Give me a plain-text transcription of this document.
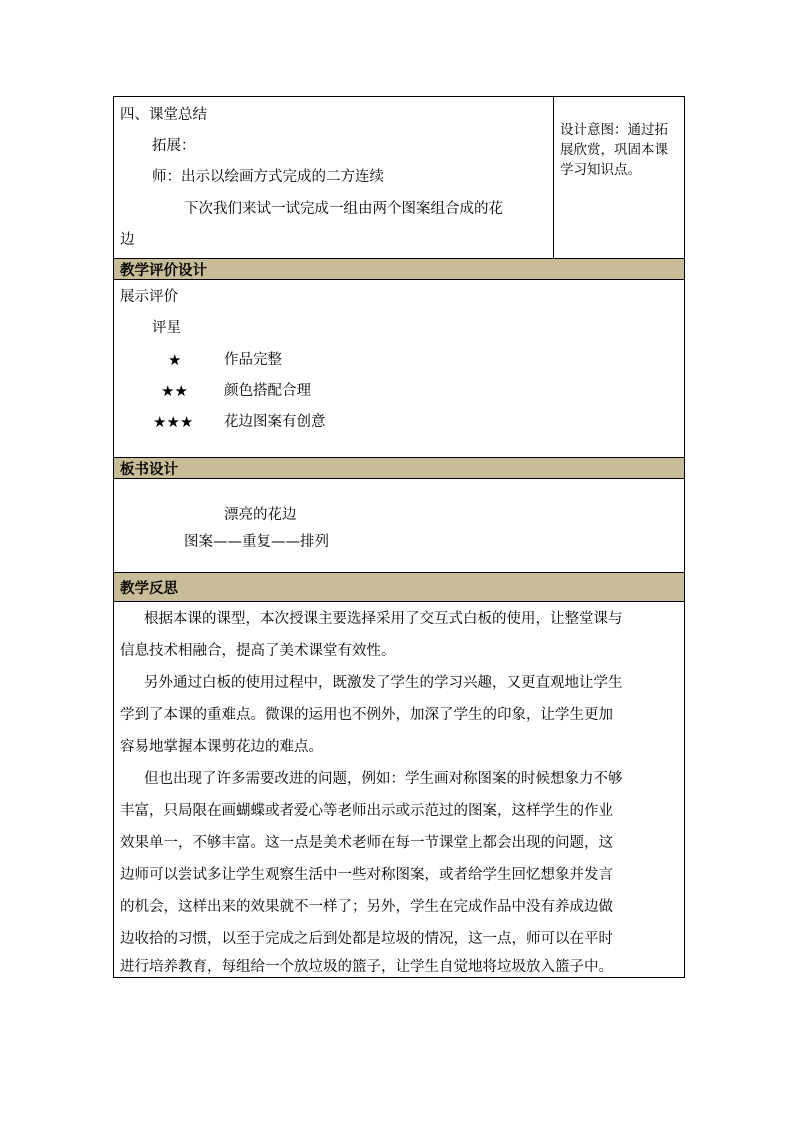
四、课堂总结
拓展：
师：出示以绘画方式完成的二方连续
下次我们来试一试完成一组由两个图案组合成的花
边
设计意图：通过拓
展欣赏，巩固本课
学习知识点。
教学评价设计
展示评价
评星
★	作品完整
★★ 颜色搭配合理
★★★ 花边图案有创意
板书设计
漂亮的花边
图案——重复——排列
教学反思
根据本课的课型，本次授课主要选择采用了交互式白板的使用，让整堂课与
信息技术相融合，提高了美术课堂有效性。
另外通过白板的使用过程中，既激发了学生的学习兴趣，又更直观地让学生
学到了本课的重难点。微课的运用也不例外，加深了学生的印象，让学生更加
容易地掌握本课剪花边的难点。
但也出现了许多需要改进的问题，例如：学生画对称图案的时候想象力不够
丰富，只局限在画蝴蝶或者爱心等老师出示或示范过的图案，这样学生的作业
效果单一，不够丰富。这一点是美术老师在每一节课堂上都会出现的问题，这
边师可以尝试多让学生观察生活中一些对称图案，或者给学生回忆想象并发言
的机会，这样出来的效果就不一样了；另外，学生在完成作品中没有养成边做
边收拾的习惯，以至于完成之后到处都是垃圾的情况，这一点，师可以在平时
进行培养教育，每组给一个放垃圾的篮子，让学生自觉地将垃圾放入篮子中。
